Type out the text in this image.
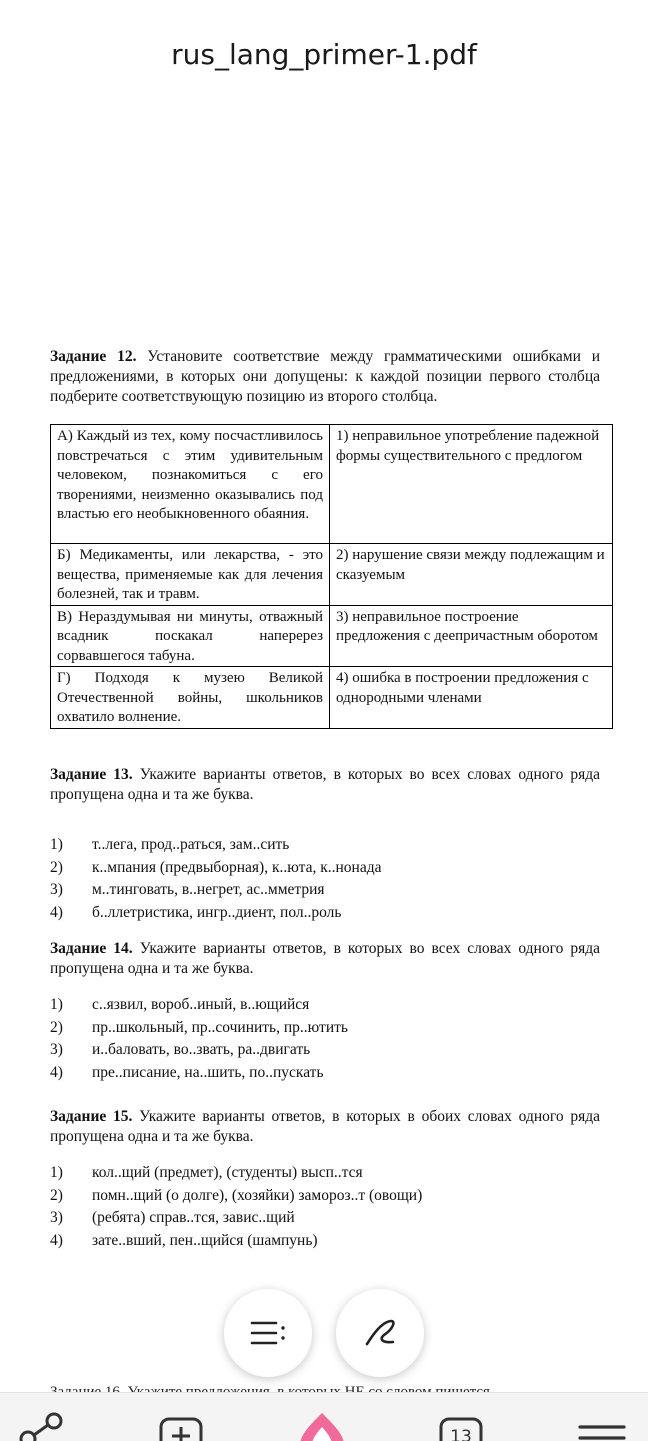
rus_lang_primer-1.pdf
Задание 12. Установите соответствие между грамматическими ошибками и предложениями, в которых они допущены: к каждой позиции первого столбца подберите соответствующую позицию из второго столбца.
А) Каждый из тех, кому посчастливилось повстречаться с этим удивительным человеком, познакомиться с его творениями, неизменно оказывались под властью его необыкновенного обаяния.	1) неправильное употребление падежной формы существительного с предлогом
Б) Медикаменты, или лекарства, - это вещества, применяемые как для лечения болезней, так и травм.	2) нарушение связи между подлежащим и сказуемым
В) Нераздумывая ни минуты, отважный всадник поскакал наперерез сорвавшегося табуна.	3) неправильное построение предложения с деепричастным оборотом
Г) Подходя к музею Великой Отечественной войны, школьников охватило волнение.	4) ошибка в построении предложения с однородными членами
Задание 13. Укажите варианты ответов, в которых во всех словах одного ряда пропущена одна и та же буква.
1)	т..лега, прод..раться, зам..сить
2)	к..мпания (предвыборная), к..юта, к..нонада
3)	м..тинговать, в..негрет, ас..мметрия
4)	б..ллетристика, ингр..диент, пол..роль
Задание 14. Укажите варианты ответов, в которых во всех словах одного ряда пропущена одна и та же буква.
1)	с..язвил, вороб..иный, в..ющийся
2)	пр..школьный, пр..сочинить, пр..ютить
3)	и..баловать, во..звать, ра..двигать
4)	пре..писание, на..шить, по..пускать
Задание 15. Укажите варианты ответов, в которых в обоих словах одного ряда пропущена одна и та же буква.
1)	кол..щий (предмет), (студенты) высп..тся
2)	помн..щий (о долге), (хозяйки) замороз..т (овощи)
3)	(ребята) справ..тся, завис..щий
4)	зате..вший, пен..щийся (шампунь)
13
